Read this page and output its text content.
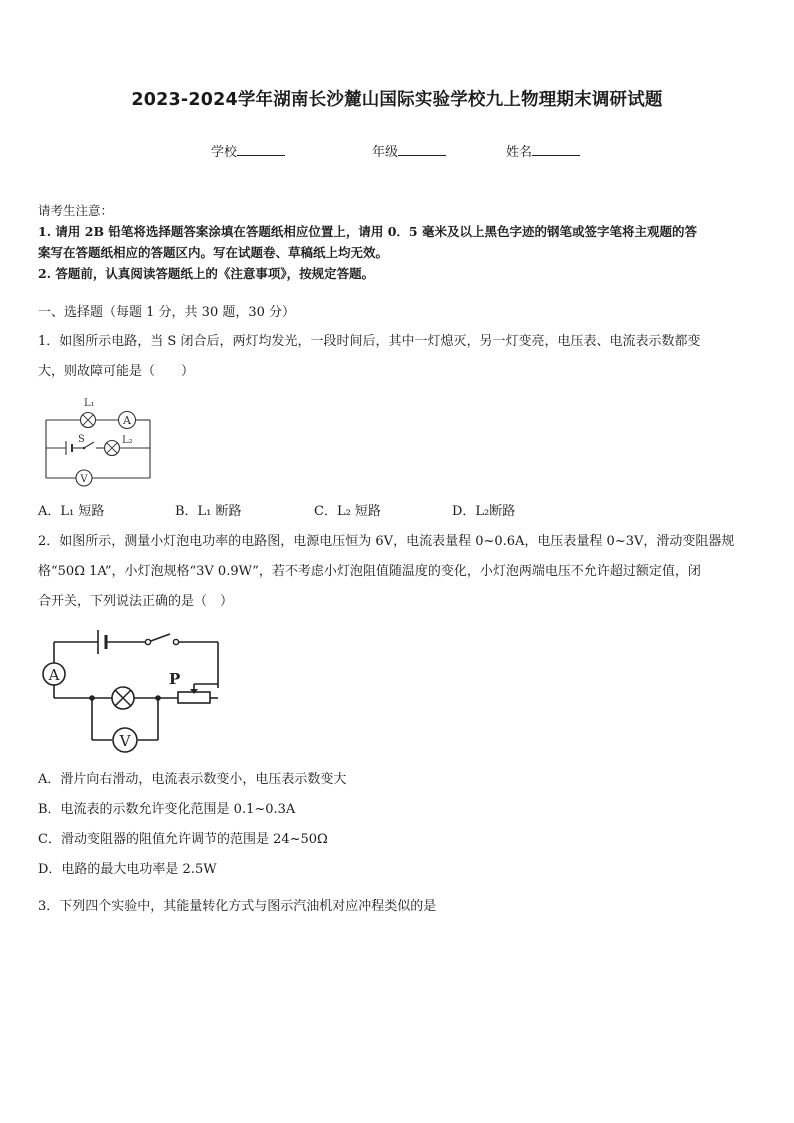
2023-2024学年湖南长沙麓山国际实验学校九上物理期末调研试题
学校	年级	姓名
请考生注意：
1. 请用 2B 铅笔将选择题答案涂填在答题纸相应位置上，请用 0．5 毫米及以上黑色字迹的钢笔或签字笔将主观题的答
案写在答题纸相应的答题区内。写在试题卷、草稿纸上均无效。
2. 答题前，认真阅读答题纸上的《注意事项》，按规定答题。
一、选择题（每题 1 分，共 30 题，30 分）
1．如图所示电路，当 S 闭合后，两灯均发光，一段时间后，其中一灯熄灭，另一灯变亮，电压表、电流表示数都变
大，则故障可能是（　　）
A
S	L₂
L₁
V
A．L₁ 短路	B．L₁ 断路	C．L₂ 短路	D．L₂断路
2．如图所示，测量小灯泡电功率的电路图，电源电压恒为 6V，电流表量程 0~0.6A，电压表量程 0~3V，滑动变阻器规
格“50Ω 1A”，小灯泡规格“3V 0.9W”，若不考虑小灯泡阻值随温度的变化，小灯泡两端电压不允许超过额定值，闭
合开关，下列说法正确的是（　）
A	P
V
A．滑片向右滑动，电流表示数变小，电压表示数变大
B．电流表的示数允许变化范围是 0.1~0.3A
C．滑动变阻器的阻值允许调节的范围是 24~50Ω
D．电路的最大电功率是 2.5W
3．下列四个实验中，其能量转化方式与图示汽油机对应冲程类似的是
